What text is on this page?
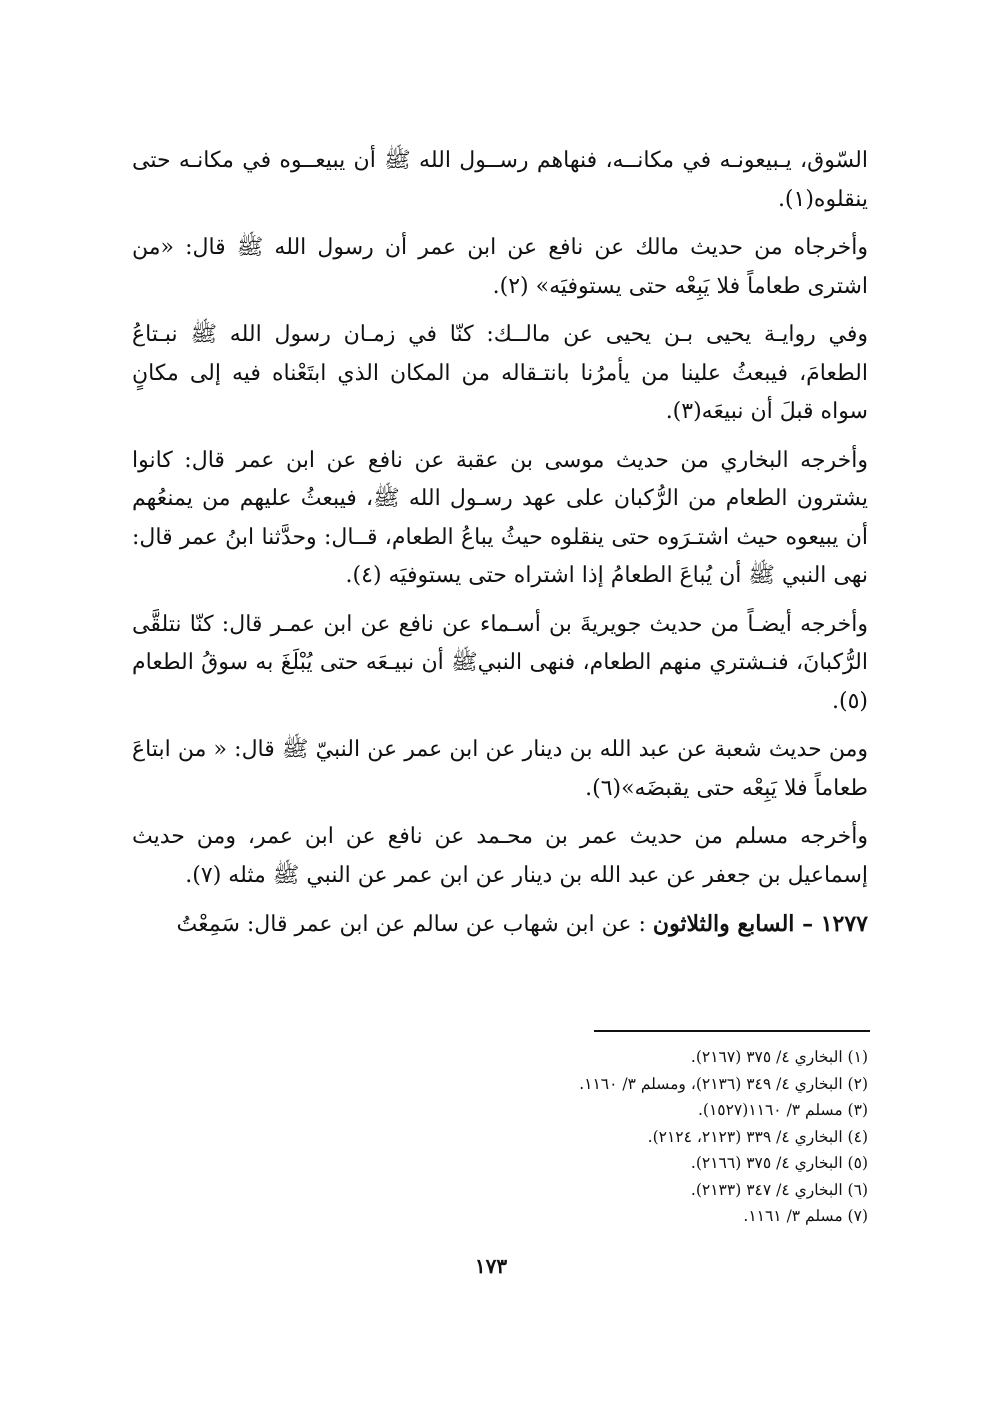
السّوق، يـبيعونـه في مكانــه، فنهاهم رســول الله ﷺ أن يبيعــوه في مكانـه حتى ينقلوه(١).

وأخرجاه من حديث مالك عن نافع عن ابن عمر أن رسول الله ﷺ قال: «من اشترى طعاماً فلا يَبِعْه حتى يستوفيَه» (٢).

وفي روايـة يحيى بـن يحيى عن مالــك: كنّا في زمـان رسول الله ﷺ نبـتاعُ الطعامَ، فيبعثُ علينا من يأمرُنا بانتـقاله من المكان الذي ابتَعْناه فيه إلى مكانٍ سواه قبلَ أن نبيعَه(٣).

وأخرجه البخاري من حديث موسى بن عقبة عن نافع عن ابن عمر قال: كانوا يشترون الطعام من الرُّكبان على عهد رسـول الله ﷺ، فيبعثُ عليهم من يمنعُهم أن يبيعوه حيث اشتـرَوه حتى ينقلوه حيثُ يباعُ الطعام، قــال: وحدَّثنا ابنُ عمر قال: نهى النبي ﷺ أن يُباعَ الطعامُ إذا اشتراه حتى يستوفيَه (٤).

وأخرجه أيضـاً من حديث جويريةَ بن أسـماء عن نافع عن ابن عمـر قال: كنّا نتلقَّى الرُّكبانَ، فنـشتري منهم الطعام، فنهى النبيﷺ أن نبيـعَه حتى يُبْلَغَ به سوقُ الطعام (٥).

ومن حديث شعبة عن عبد الله بن دينار عن ابن عمر عن النبيّ ﷺ قال: « من ابتاعَ طعاماً فلا يَبِعْه حتى يقبضَه»(٦).

وأخرجه مسلم من حديث عمر بن محـمد عن نافع عن ابن عمر، ومن حديث إسماعيل بن جعفر عن عبد الله بن دينار عن ابن عمر عن النبي ﷺ مثله (٧).

١٢٧٧ – السابع والثلاثون : عن ابن شهاب عن سالم عن ابن عمر قال: سَمِعْتُ

(١) البخاري ٤/ ٣٧٥ (٢١٦٧).
(٢) البخاري ٤/ ٣٤٩ (٢١٣٦)، ومسلم ٣/ ١١٦٠.
(٣) مسلم ٣/ ١١٦٠(١٥٢٧).
(٤) البخاري ٤/ ٣٣٩ (٢١٢٣، ٢١٢٤).
(٥) البخاري ٤/ ٣٧٥ (٢١٦٦).
(٦) البخاري ٤/ ٣٤٧ (٢١٣٣).
(٧) مسلم ٣/ ١١٦١.
١٧٣
